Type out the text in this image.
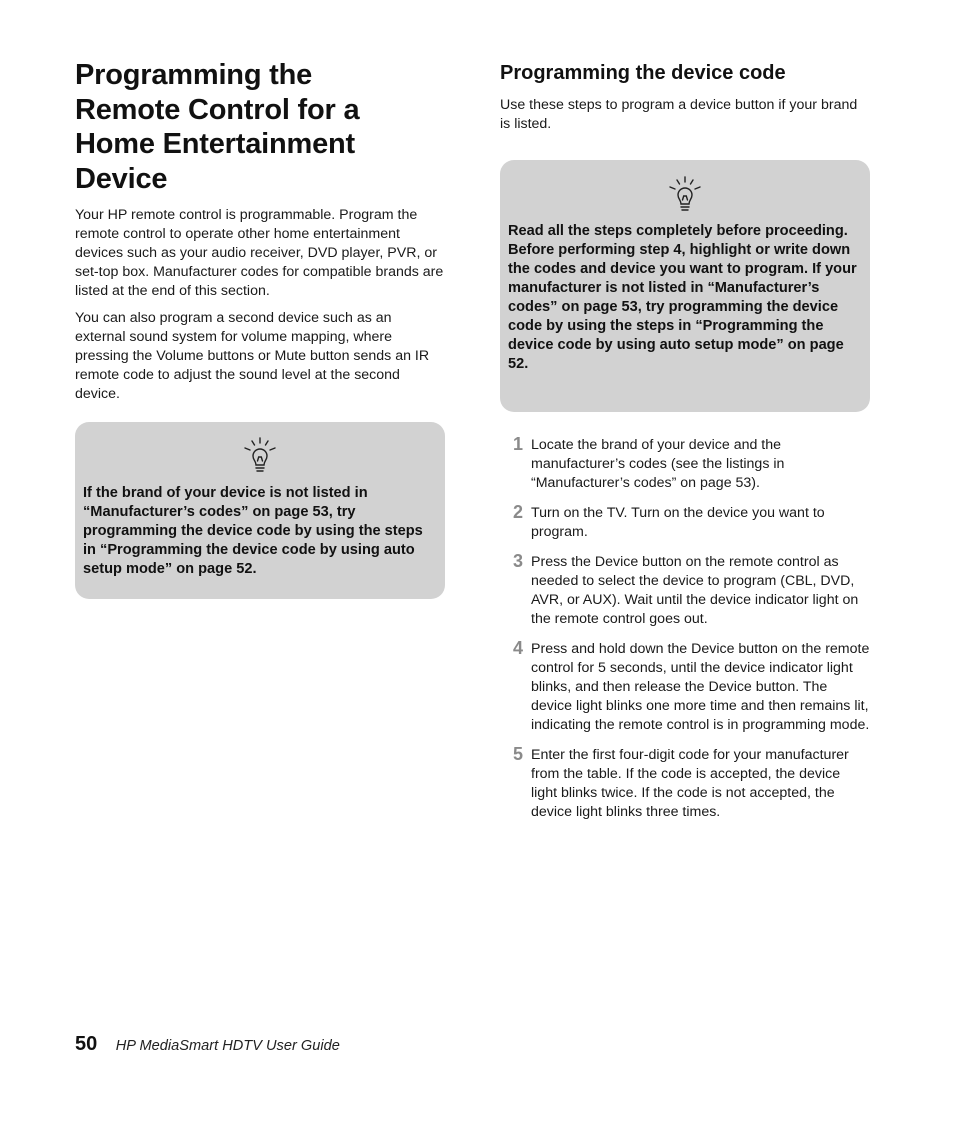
Programming the
Remote Control for a
Home Entertainment
Device

Your HP remote control is programmable. Program the remote control to operate other home entertainment devices such as your audio receiver, DVD player, PVR, or set-top box. Manufacturer codes for compatible brands are listed at the end of this section.

You can also program a second device such as an external sound system for volume mapping, where pressing the Volume buttons or Mute button sends an IR remote code to adjust the sound level at the second device.

If the brand of your device is not listed in “Manufacturer’s codes” on page 53, try programming the device code by using the steps in “Programming the device code by using auto setup mode” on page 52.

Programming the device code

Use these steps to program a device button if your brand is listed.

Read all the steps completely before proceeding. Before performing step 4, highlight or write down the codes and device you want to program. If your manufacturer is not listed in “Manufacturer’s codes” on page 53, try programming the device code by using the steps in “Programming the device code by using auto setup mode” on page 52.

1 Locate the brand of your device and the manufacturer’s codes (see the listings in “Manufacturer’s codes” on page 53).

2 Turn on the TV. Turn on the device you want to program.

3 Press the Device button on the remote control as needed to select the device to program (CBL, DVD, AVR, or AUX). Wait until the device indicator light on the remote control goes out.

4 Press and hold down the Device button on the remote control for 5 seconds, until the device indicator light blinks, and then release the Device button. The device light blinks one more time and then remains lit, indicating the remote control is in programming mode.

5 Enter the first four-digit code for your manufacturer from the table. If the code is accepted, the device light blinks twice. If the code is not accepted, the device light blinks three times.

50 HP MediaSmart HDTV User Guide
